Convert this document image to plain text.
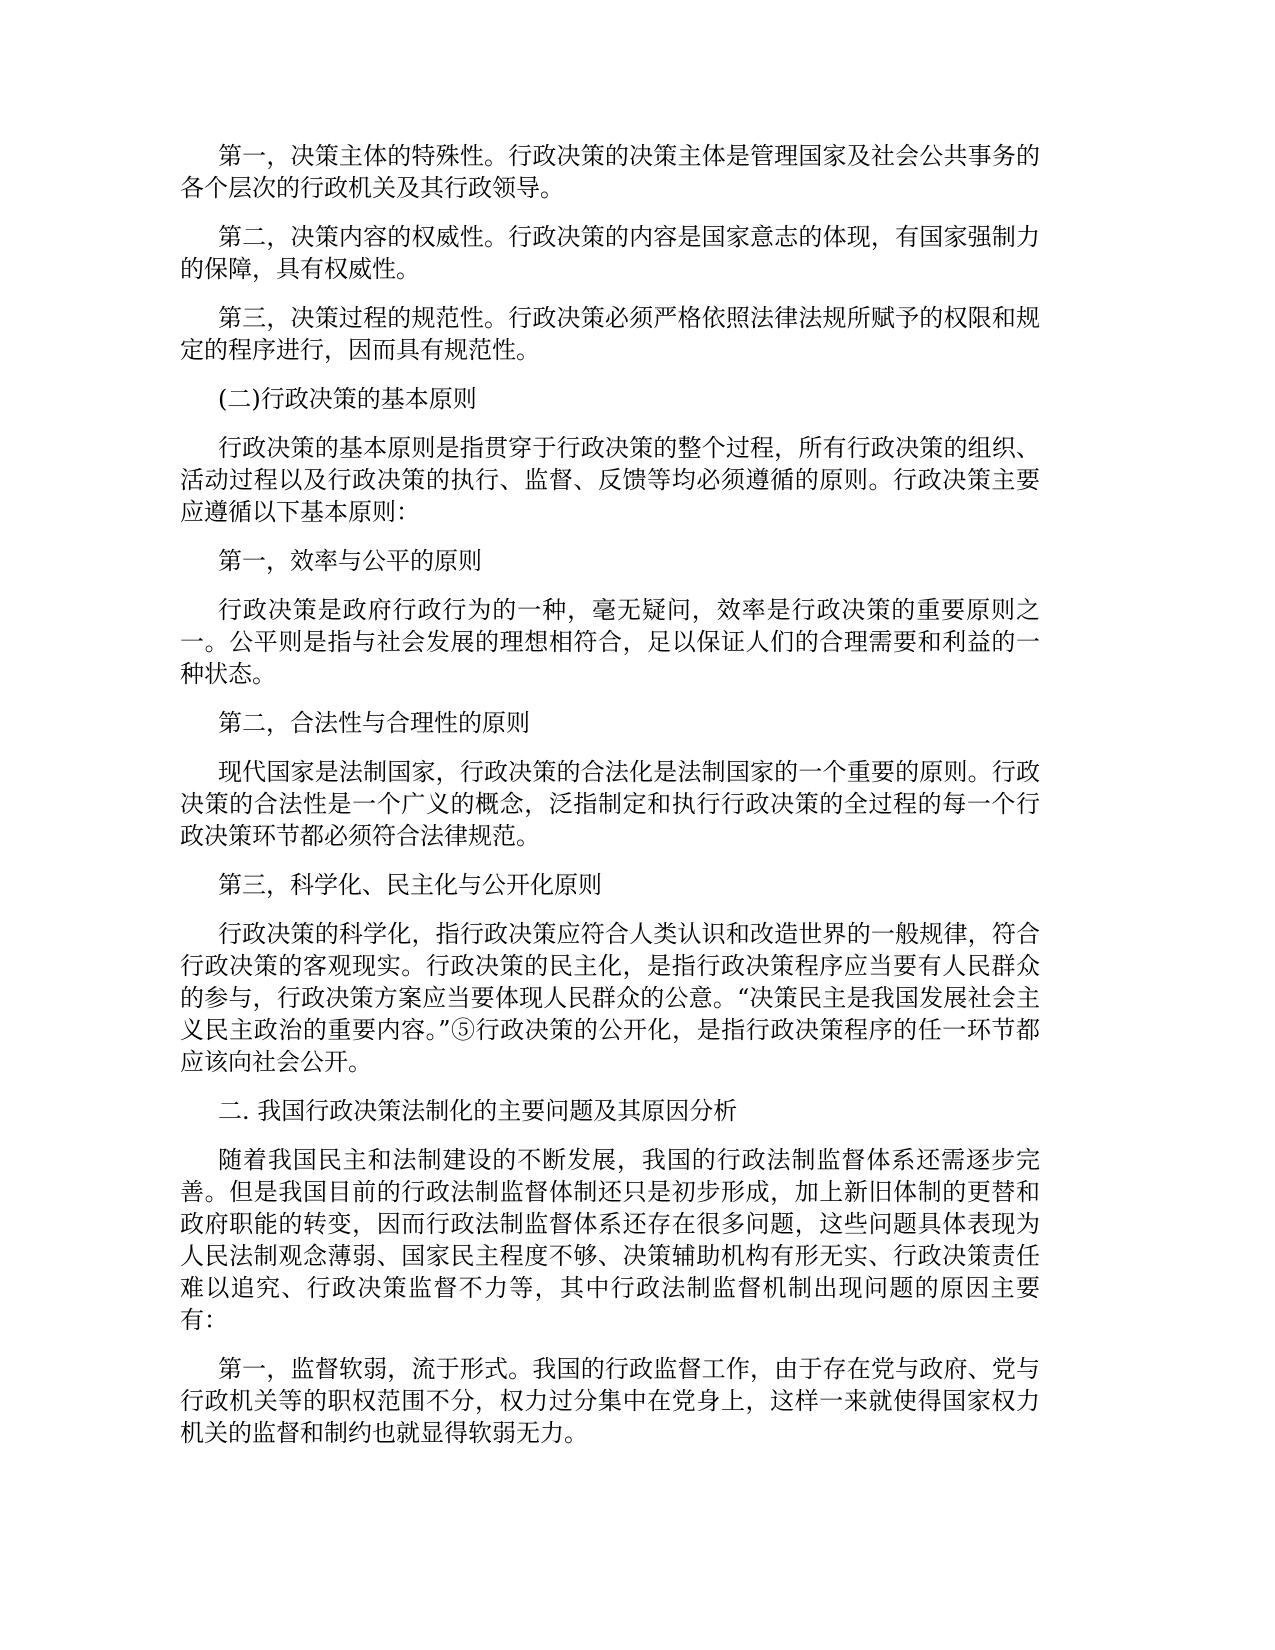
第一，决策主体的特殊性。行政决策的决策主体是管理国家及社会公共事务的各个层次的行政机关及其行政领导。

第二，决策内容的权威性。行政决策的内容是国家意志的体现，有国家强制力的保障，具有权威性。

第三，决策过程的规范性。行政决策必须严格依照法律法规所赋予的权限和规定的程序进行，因而具有规范性。

(二)行政决策的基本原则

行政决策的基本原则是指贯穿于行政决策的整个过程，所有行政决策的组织、活动过程以及行政决策的执行、监督、反馈等均必须遵循的原则。行政决策主要应遵循以下基本原则：

第一，效率与公平的原则

行政决策是政府行政行为的一种，毫无疑问，效率是行政决策的重要原则之一。公平则是指与社会发展的理想相符合，足以保证人们的合理需要和利益的一种状态。

第二，合法性与合理性的原则

现代国家是法制国家，行政决策的合法化是法制国家的一个重要的原则。行政决策的合法性是一个广义的概念，泛指制定和执行行政决策的全过程的每一个行政决策环节都必须符合法律规范。

第三，科学化、民主化与公开化原则

行政决策的科学化，指行政决策应符合人类认识和改造世界的一般规律，符合行政决策的客观现实。行政决策的民主化，是指行政决策程序应当要有人民群众的参与，行政决策方案应当要体现人民群众的公意。“决策民主是我国发展社会主义民主政治的重要内容。”⑤行政决策的公开化，是指行政决策程序的任一环节都应该向社会公开。

二. 我国行政决策法制化的主要问题及其原因分析

随着我国民主和法制建设的不断发展，我国的行政法制监督体系还需逐步完善。但是我国目前的行政法制监督体制还只是初步形成，加上新旧体制的更替和政府职能的转变，因而行政法制监督体系还存在很多问题，这些问题具体表现为人民法制观念薄弱、国家民主程度不够、决策辅助机构有形无实、行政决策责任难以追究、行政决策监督不力等，其中行政法制监督机制出现问题的原因主要有：

第一，监督软弱，流于形式。我国的行政监督工作，由于存在党与政府、党与行政机关等的职权范围不分，权力过分集中在党身上，这样一来就使得国家权力机关的监督和制约也就显得软弱无力。
